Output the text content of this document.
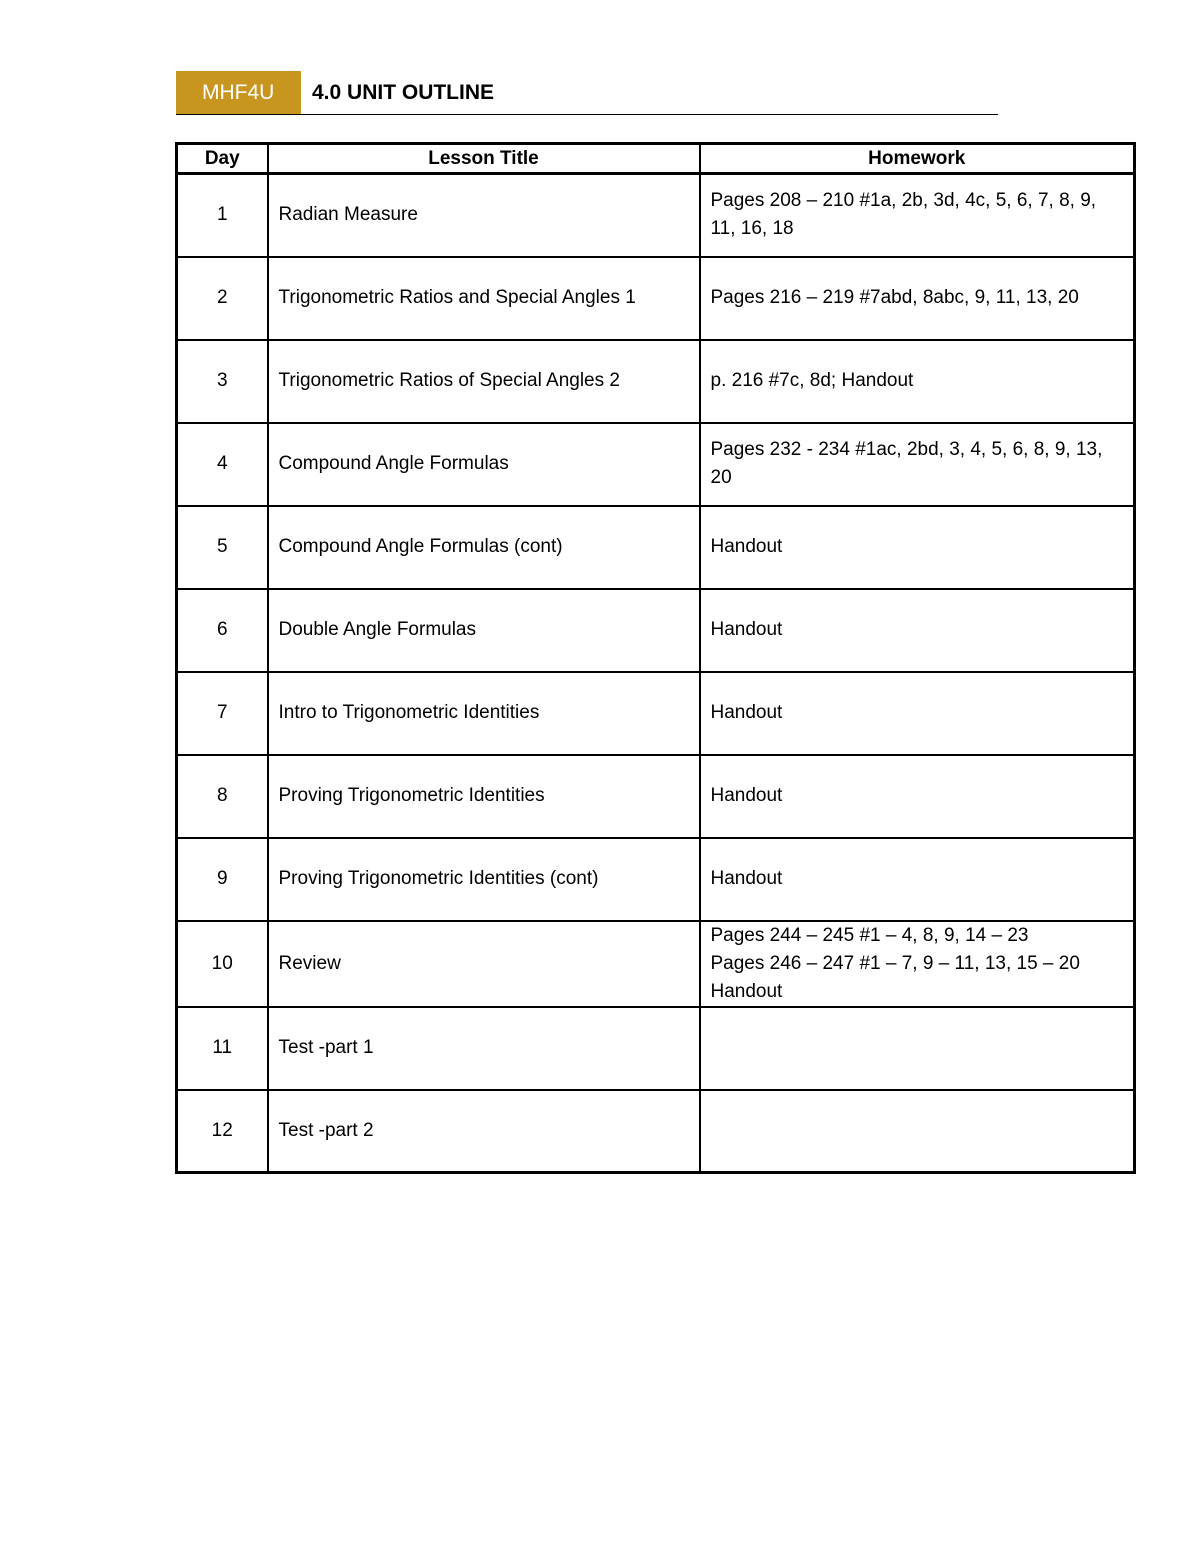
MHF4U	4.0 UNIT OUTLINE
Day	Lesson Title	Homework
1	Radian Measure	Pages 208 – 210 #1a, 2b, 3d, 4c, 5, 6, 7, 8, 9, 11, 16, 18
2	Trigonometric Ratios and Special Angles 1	Pages 216 – 219 #7abd, 8abc, 9, 11, 13, 20
3	Trigonometric Ratios of Special Angles 2	p. 216 #7c, 8d; Handout
4	Compound Angle Formulas	Pages 232 - 234 #1ac, 2bd, 3, 4, 5, 6, 8, 9, 13, 20
5	Compound Angle Formulas (cont)	Handout
6	Double Angle Formulas	Handout
7	Intro to Trigonometric Identities	Handout
8	Proving Trigonometric Identities	Handout
9	Proving Trigonometric Identities (cont)	Handout
10	Review	Pages 244 – 245 #1 – 4, 8, 9, 14 – 23
Pages 246 – 247 #1 – 7, 9 – 11, 13, 15 – 20
Handout

11	Test -part 1	
12	Test -part 2	
